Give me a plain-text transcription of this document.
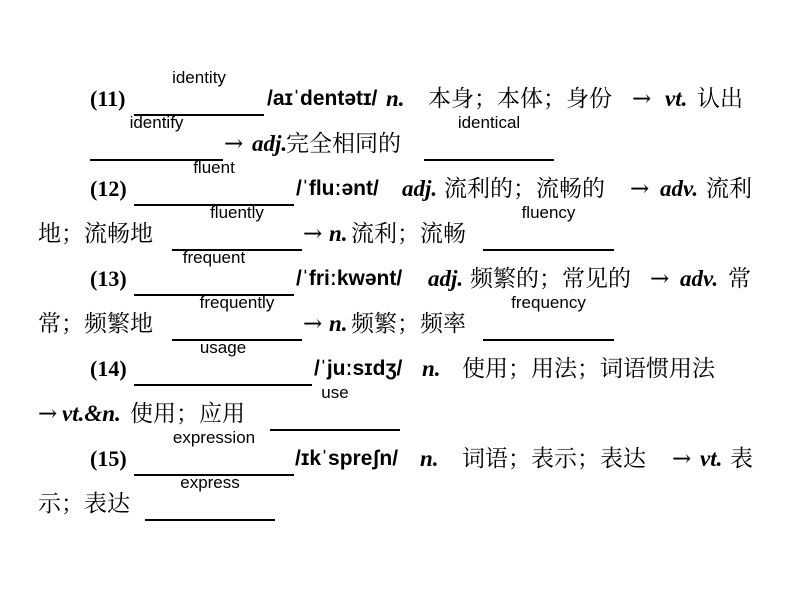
(11)
identity
/aɪˈdentətɪ/ n. 本身；本体；身份 → vt. 认出
identify
→ adj.
完全相同的
identical
(12)
fluent
/ˈfluːənt/ adj. 流利的；流畅的 → adv. 流利
地；流畅地
fluently
→ n. 流利；流畅
fluency
(13)
frequent
/ˈfriːkwənt/ adj. 频繁的；常见的 → adv. 常
常；频繁地
frequently
→ n. 频繁；频率
frequency
(14)
usage
/ˈjuːsɪdʒ/ n. 使用；用法；词语惯用法
→ vt.&n. 使用；应用
use
(15)
expression
/ɪkˈspreʃn/ n. 词语；表示；表达 → vt. 表
示；表达
express
